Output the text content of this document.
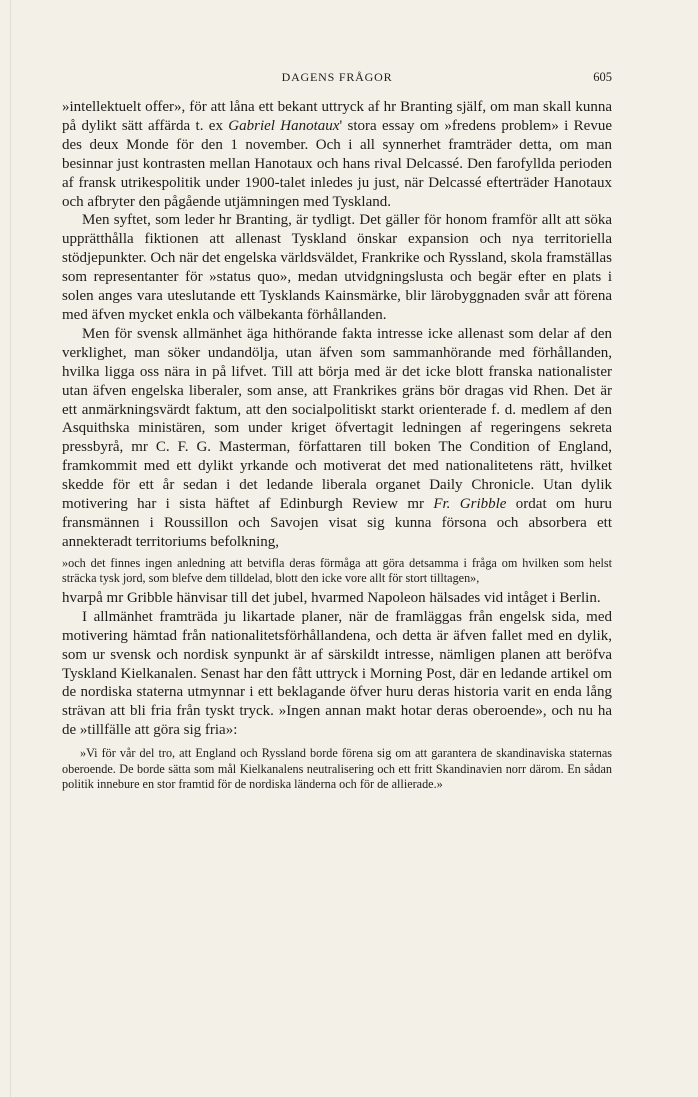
DAGENS FRÅGOR	605

»intellektuelt offer», för att låna ett bekant uttryck af hr Branting själf, om man skall kunna på dylikt sätt affärda t. ex Gabriel Hanotaux' stora essay om »fredens problem» i Revue des deux Monde för den 1 november. Och i all synnerhet framträder detta, om man besinnar just kontrasten mellan Hanotaux och hans rival Delcassé. Den farofyllda perioden af fransk utrikespolitik under 1900-talet inledes ju just, när Delcassé efterträder Hanotaux och afbryter den pågående utjämningen med Tyskland.

Men syftet, som leder hr Branting, är tydligt. Det gäller för honom framför allt att söka upprätthålla fiktionen att allenast Tyskland önskar expansion och nya territoriella stödjepunkter. Och när det engelska världsväldet, Frankrike och Ryssland, skola framställas som representanter för »status quo», medan utvidgningslusta och begär efter en plats i solen anges vara uteslutande ett Tysklands Kainsmärke, blir lärobyggnaden svår att förena med äfven mycket enkla och välbekanta förhållanden.

Men för svensk allmänhet äga hithörande fakta intresse icke allenast som delar af den verklighet, man söker undandölja, utan äfven som sammanhörande med förhållanden, hvilka ligga oss nära in på lifvet. Till att börja med är det icke blott franska nationalister utan äfven engelska liberaler, som anse, att Frankrikes gräns bör dragas vid Rhen. Det är ett anmärkningsvärdt faktum, att den socialpolitiskt starkt orienterade f. d. medlem af den Asquithska ministären, som under kriget öfvertagit ledningen af regeringens sekreta pressbyrå, mr C. F. G. Masterman, författaren till boken The Condition of England, framkommit med ett dylikt yrkande och motiverat det med nationalitetens rätt, hvilket skedde för ett år sedan i det ledande liberala organet Daily Chronicle. Utan dylik motivering har i sista häftet af Edinburgh Review mr Fr. Gribble ordat om huru fransmännen i Roussillon och Savojen visat sig kunna försona och absorbera ett annekteradt territoriums befolkning,

»och det finnes ingen anledning att betvifla deras förmåga att göra detsamma i fråga om hvilken som helst sträcka tysk jord, som blefve dem tilldelad, blott den icke vore allt för stort tilltagen»,

hvarpå mr Gribble hänvisar till det jubel, hvarmed Napoleon hälsades vid intåget i Berlin.

I allmänhet framträda ju likartade planer, när de framläggas från engelsk sida, med motivering hämtad från nationalitetsförhållandena, och detta är äfven fallet med en dylik, som ur svensk och nordisk synpunkt är af särskildt intresse, nämligen planen att beröfva Tyskland Kielkanalen. Senast har den fått uttryck i Morning Post, där en ledande artikel om de nordiska staterna utmynnar i ett beklagande öfver huru deras historia varit en enda lång strävan att bli fria från tyskt tryck. »Ingen annan makt hotar deras oberoende», och nu ha de »tillfälle att göra sig fria»:

»Vi för vår del tro, att England och Ryssland borde förena sig om att garantera de skandinaviska staternas oberoende. De borde sätta som mål Kielkanalens neutralisering och ett fritt Skandinavien norr därom. En sådan politik innebure en stor framtid för de nordiska länderna och för de allierade.»
